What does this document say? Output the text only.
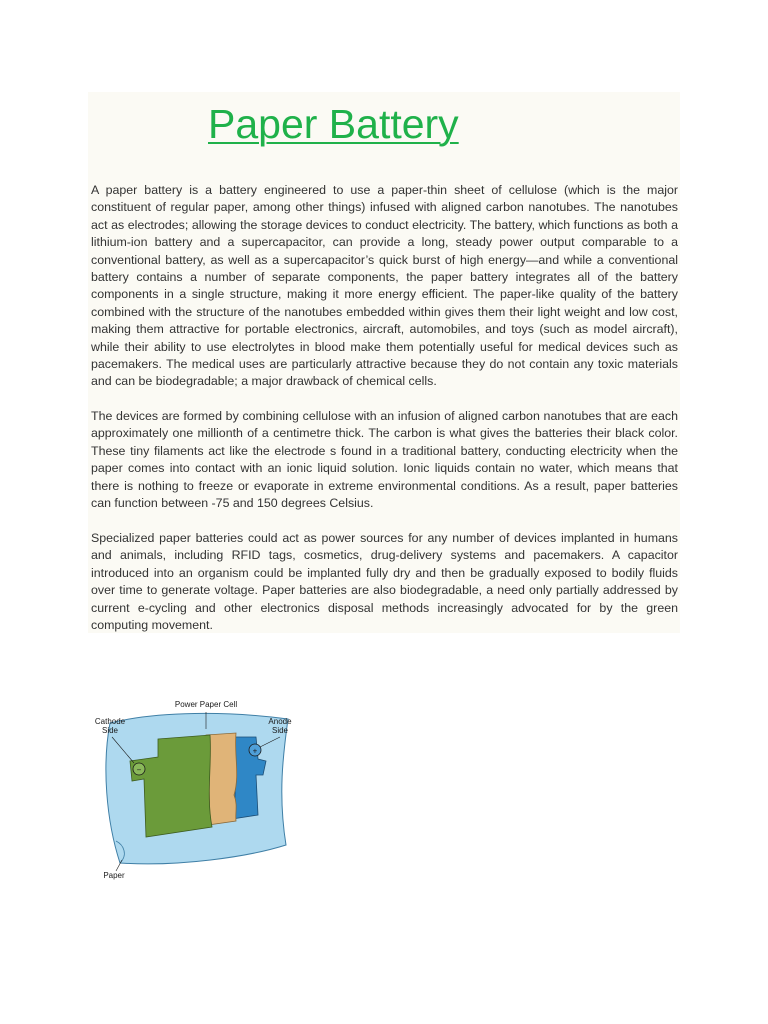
Paper Battery

A paper battery is a battery engineered to use a paper-thin sheet of cellulose (which is the major constituent of regular paper, among other things) infused with aligned carbon nanotubes. The nanotubes act as electrodes; allowing the storage devices to conduct electricity. The battery, which functions as both a lithium-ion battery and a supercapacitor, can provide a long, steady power output comparable to a conventional battery, as well as a supercapacitor’s quick burst of high energy—and while a conventional battery contains a number of separate components, the paper battery integrates all of the battery components in a single structure, making it more energy efficient. The paper-like quality of the battery combined with the structure of the nanotubes embedded within gives them their light weight and low cost, making them attractive for portable electronics, aircraft, automobiles, and toys (such as model aircraft), while their ability to use electrolytes in blood make them potentially useful for medical devices such as pacemakers. The medical uses are particularly attractive because they do not contain any toxic materials and can be biodegradable; a major drawback of chemical cells.

The devices are formed by combining cellulose with an infusion of aligned carbon nanotubes that are each approximately one millionth of a centimetre thick. The carbon is what gives the batteries their black color. These tiny filaments act like the electrode s found in a traditional battery, conducting electricity when the paper comes into contact with an ionic liquid solution. Ionic liquids contain no water, which means that there is nothing to freeze or evaporate in extreme environmental conditions. As a result, paper batteries can function between -75 and 150 degrees Celsius.

Specialized paper batteries could act as power sources for any number of devices implanted in humans and animals, including RFID tags, cosmetics, drug-delivery systems and pacemakers. A capacitor introduced into an organism could be implanted fully dry and then be gradually exposed to bodily fluids over time to generate voltage. Paper batteries are also biodegradable, a need only partially addressed by current e-cycling and other electronics disposal methods increasingly advocated for by the green computing movement.

−
+
Power Paper Cell
Cathode
Side
Anode
Side
Paper
